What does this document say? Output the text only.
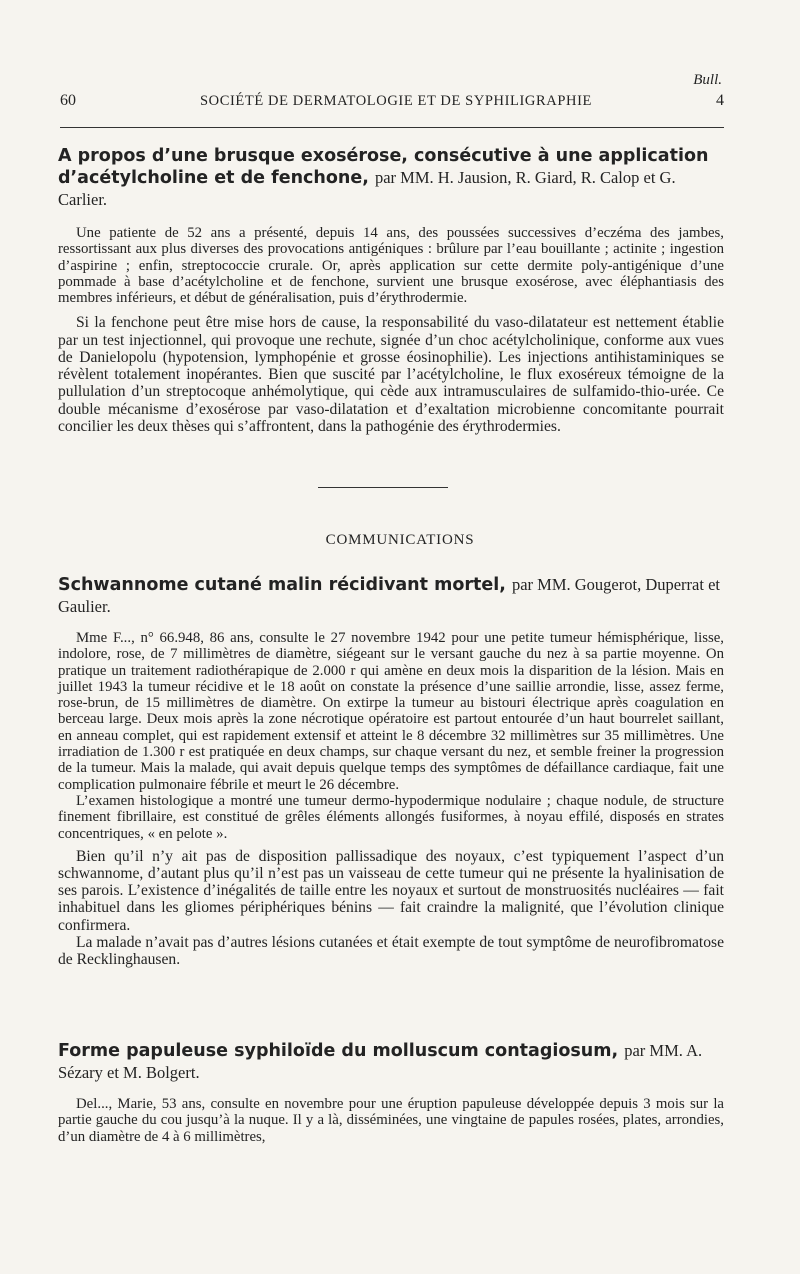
Bull.
60	SOCIÉTÉ DE DERMATOLOGIE ET DE SYPHILIGRAPHIE	4
A propos d’une brusque exosérose, consécutive à une application d’acétylcholine et de fenchone, par MM. H. Jausion, R. Giard, R. Calop et G. Carlier.

Une patiente de 52 ans a présenté, depuis 14 ans, des poussées successives d’eczéma des jambes, ressortissant aux plus diverses des provocations antigéniques : brûlure par l’eau bouillante ; actinite ; ingestion d’aspirine ; enfin, streptococcie crurale. Or, après application sur cette dermite poly-antigénique d’une pommade à base d’acétylcholine et de fenchone, survient une brusque exosérose, avec éléphantiasis des membres inférieurs, et début de généralisation, puis d’érythrodermie.

Si la fenchone peut être mise hors de cause, la responsabilité du vaso-dilatateur est nettement établie par un test injectionnel, qui provoque une rechute, signée d’un choc acétylcholinique, conforme aux vues de Danielopolu (hypotension, lymphopénie et grosse éosinophilie). Les injections antihistaminiques se révèlent totalement inopérantes. Bien que suscité par l’acétylcholine, le flux exoséreux témoigne de la pullulation d’un streptocoque anhémolytique, qui cède aux intramusculaires de sulfamido-thio-urée. Ce double mécanisme d’exosérose par vaso-dilatation et d’exaltation microbienne concomitante pourrait concilier les deux thèses qui s’affrontent, dans la pathogénie des érythrodermies.

COMMUNICATIONS
Schwannome cutané malin récidivant mortel, par MM. Gougerot, Duperrat et Gaulier.

Mme F..., n° 66.948, 86 ans, consulte le 27 novembre 1942 pour une petite tumeur hémisphérique, lisse, indolore, rose, de 7 millimètres de diamètre, siégeant sur le versant gauche du nez à sa partie moyenne. On pratique un traitement radiothérapique de 2.000 r qui amène en deux mois la disparition de la lésion. Mais en juillet 1943 la tumeur récidive et le 18 août on constate la présence d’une saillie arrondie, lisse, assez ferme, rose-brun, de 15 millimètres de diamètre. On extirpe la tumeur au bistouri électrique après coagulation en berceau large. Deux mois après la zone nécrotique opératoire est partout entourée d’un haut bourrelet saillant, en anneau complet, qui est rapidement extensif et atteint le 8 décembre 32 millimètres sur 35 millimètres. Une irradiation de 1.300 r est pratiquée en deux champs, sur chaque versant du nez, et semble freiner la progression de la tumeur. Mais la malade, qui avait depuis quelque temps des symptômes de défaillance cardiaque, fait une complication pulmonaire fébrile et meurt le 26 décembre.

L’examen histologique a montré une tumeur dermo-hypodermique nodulaire ; chaque nodule, de structure finement fibrillaire, est constitué de grêles éléments allongés fusiformes, à noyau effilé, disposés en strates concentriques, « en pelote ».

Bien qu’il n’y ait pas de disposition pallissadique des noyaux, c’est typiquement l’aspect d’un schwannome, d’autant plus qu’il n’est pas un vaisseau de cette tumeur qui ne présente la hyalinisation de ses parois. L’existence d’inégalités de taille entre les noyaux et surtout de monstruosités nucléaires — fait inhabituel dans les gliomes périphériques bénins — fait craindre la malignité, que l’évolution clinique confirmera.

La malade n’avait pas d’autres lésions cutanées et était exempte de tout symptôme de neurofibromatose de Recklinghausen.

Forme papuleuse syphiloïde du molluscum contagiosum, par MM. A. Sézary et M. Bolgert.

Del..., Marie, 53 ans, consulte en novembre pour une éruption papuleuse développée depuis 3 mois sur la partie gauche du cou jusqu’à la nuque. Il y a là, disséminées, une vingtaine de papules rosées, plates, arrondies, d’un diamètre de 4 à 6 millimètres,
